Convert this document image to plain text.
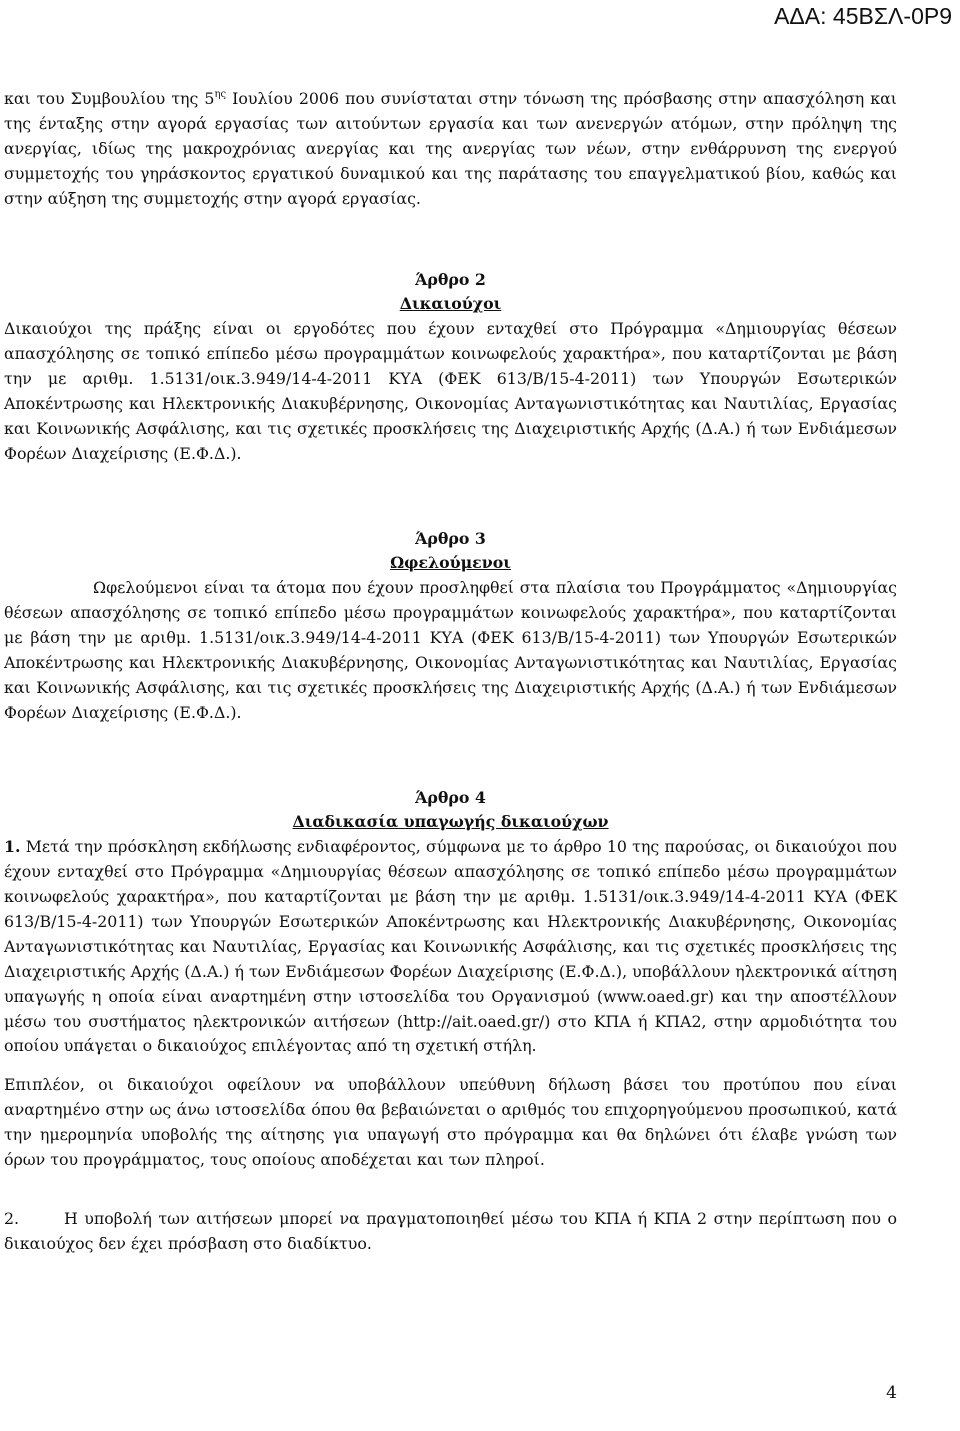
ΑΔΑ: 45ΒΣΛ-0Ρ9

και του Συμβουλίου της $5^{\eta\varsigma}$ Ιουλίου 2006 που συνίσταται στην τόνωση της πρόσβασης στην απασχόληση και της ένταξης στην αγορά εργασίας των αιτούντων εργασία και των ανενεργών ατόμων, στην πρόληψη της ανεργίας, ιδίως της μακροχρόνιας ανεργίας και της ανεργίας των νέων, στην ενθάρρυνση της ενεργού συμμετοχής του γηράσκοντος εργατικού δυναμικού και της παράτασης του επαγγελματικού βίου, καθώς και στην αύξηση της συμμετοχής στην αγορά εργασίας.

Άρθρο 2

Δικαιούχοι

Δικαιούχοι της πράξης είναι οι εργοδότες που έχουν ενταχθεί στο Πρόγραμμα «Δημιουργίας θέσεων απασχόλησης σε τοπικό επίπεδο μέσω προγραμμάτων κοινωφελούς χαρακτήρα», που καταρτίζονται με βάση την με αριθμ. 1.5131/οικ.3.949/14-4-2011 ΚΥΑ (ΦΕΚ 613/Β/15-4-2011) των Υπουργών Εσωτερικών Αποκέντρωσης και Ηλεκτρονικής Διακυβέρνησης, Οικονομίας Ανταγωνιστικότητας και Ναυτιλίας, Εργασίας και Κοινωνικής Ασφάλισης, και τις σχετικές προσκλήσεις της Διαχειριστικής Αρχής (Δ.Α.) ή των Ενδιάμεσων Φορέων Διαχείρισης (Ε.Φ.Δ.).

Άρθρο 3

Ωφελούμενοι

Ωφελούμενοι είναι τα άτομα που έχουν προσληφθεί στα πλαίσια του Προγράμματος «Δημιουργίας θέσεων απασχόλησης σε τοπικό επίπεδο μέσω προγραμμάτων κοινωφελούς χαρακτήρα», που καταρτίζονται με βάση την με αριθμ. 1.5131/οικ.3.949/14-4-2011 ΚΥΑ (ΦΕΚ 613/Β/15-4-2011) των Υπουργών Εσωτερικών Αποκέντρωσης και Ηλεκτρονικής Διακυβέρνησης, Οικονομίας Ανταγωνιστικότητας και Ναυτιλίας, Εργασίας και Κοινωνικής Ασφάλισης, και τις σχετικές προσκλήσεις της Διαχειριστικής Αρχής (Δ.Α.) ή των Ενδιάμεσων Φορέων Διαχείρισης (Ε.Φ.Δ.).

Άρθρο 4

Διαδικασία υπαγωγής δικαιούχων

1. Μετά την πρόσκληση εκδήλωσης ενδιαφέροντος, σύμφωνα με το άρθρο 10 της παρούσας, οι δικαιούχοι που έχουν ενταχθεί στο Πρόγραμμα «Δημιουργίας θέσεων απασχόλησης σε τοπικό επίπεδο μέσω προγραμμάτων κοινωφελούς χαρακτήρα», που καταρτίζονται με βάση την με αριθμ. 1.5131/οικ.3.949/14-4-2011 ΚΥΑ (ΦΕΚ 613/Β/15-4-2011) των Υπουργών Εσωτερικών Αποκέντρωσης και Ηλεκτρονικής Διακυβέρνησης, Οικονομίας Ανταγωνιστικότητας και Ναυτιλίας, Εργασίας και Κοινωνικής Ασφάλισης, και τις σχετικές προσκλήσεις της Διαχειριστικής Αρχής (Δ.Α.) ή των Ενδιάμεσων Φορέων Διαχείρισης (Ε.Φ.Δ.), υποβάλλουν ηλεκτρονικά αίτηση υπαγωγής η οποία είναι αναρτημένη στην ιστοσελίδα του Οργανισμού (www.oaed.gr) και την αποστέλλουν μέσω του συστήματος ηλεκτρονικών αιτήσεων (http://ait.oaed.gr/) στο ΚΠΑ ή ΚΠΑ2, στην αρμοδιότητα του οποίου υπάγεται ο δικαιούχος επιλέγοντας από τη σχετική στήλη.

Επιπλέον, οι δικαιούχοι οφείλουν να υποβάλλουν υπεύθυνη δήλωση βάσει του προτύπου που είναι αναρτημένο στην ως άνω ιστοσελίδα όπου θα βεβαιώνεται ο αριθμός του επιχορηγούμενου προσωπικού, κατά την ημερομηνία υποβολής της αίτησης για υπαγωγή στο πρόγραμμα και θα δηλώνει ότι έλαβε γνώση των όρων του προγράμματος, τους οποίους αποδέχεται και των πληροί.

2.	Η υποβολή των αιτήσεων μπορεί να πραγματοποιηθεί μέσω του ΚΠΑ ή ΚΠΑ 2 στην περίπτωση που ο δικαιούχος δεν έχει πρόσβαση στο διαδίκτυο.

4
